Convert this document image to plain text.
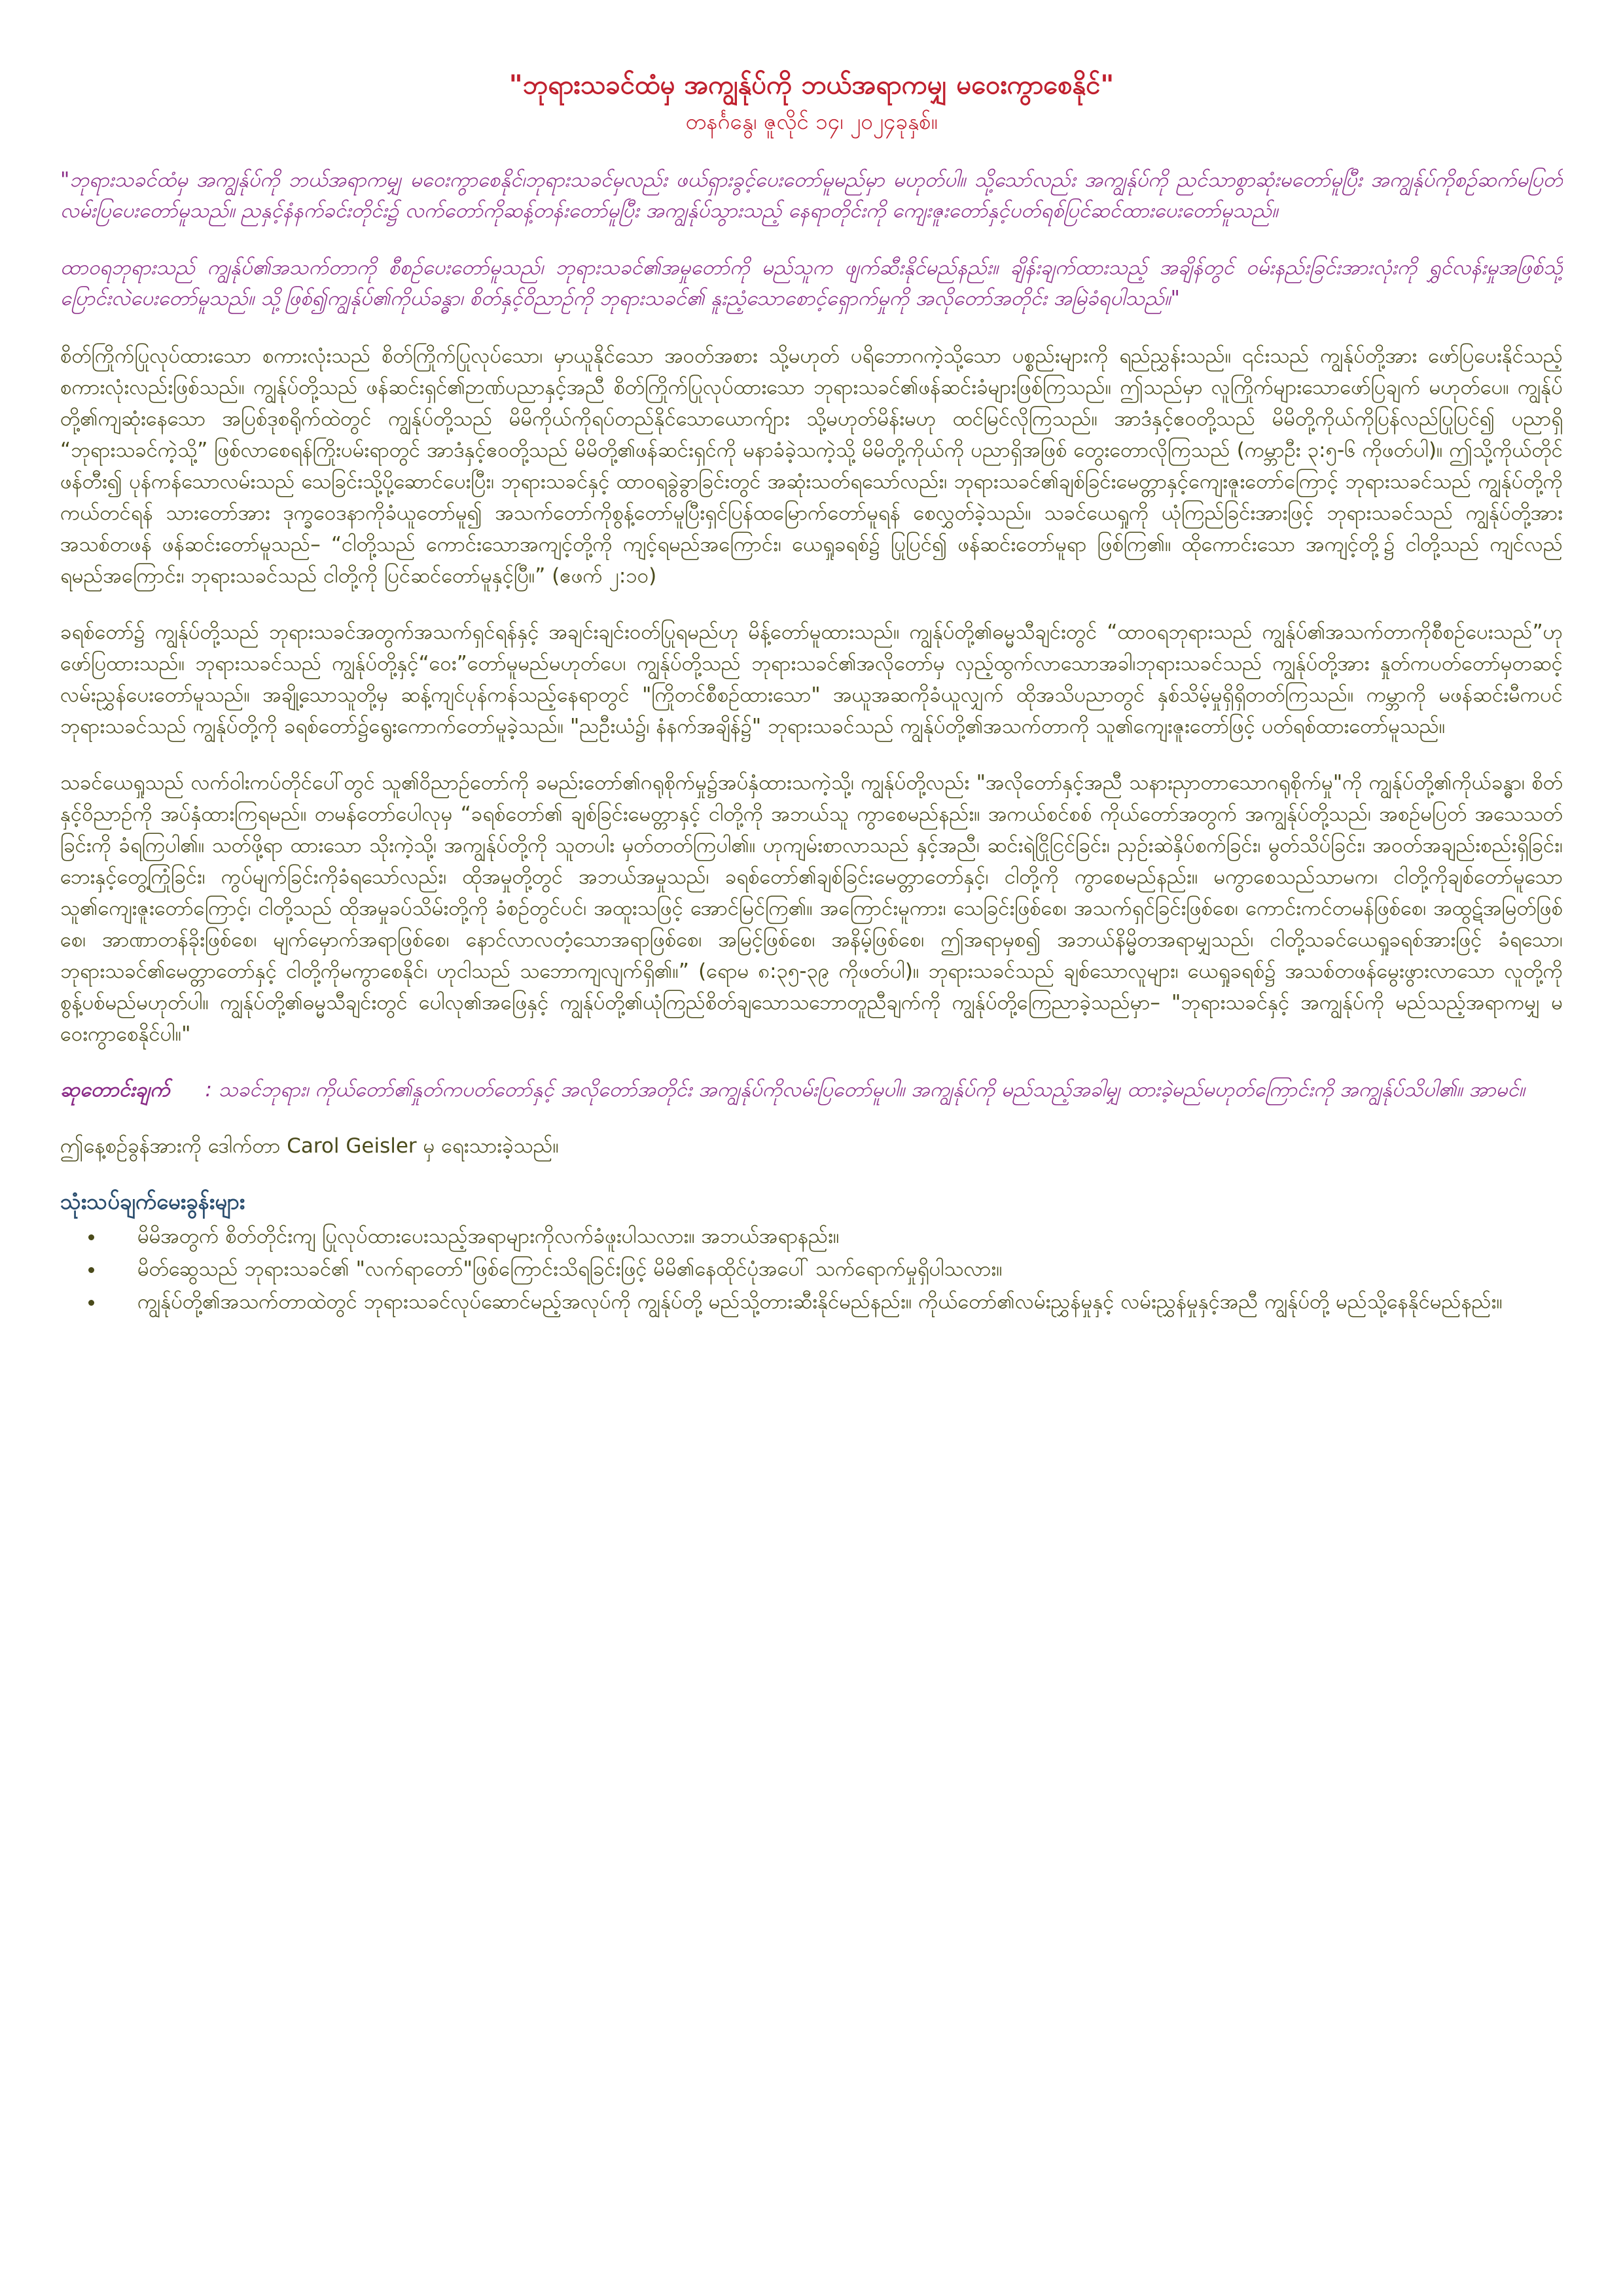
"ဘုရားသခင်ထံမှ အကျွန်ုပ်ကို ဘယ်အရာကမျှ မဝေးကွာစေနိုင်"

တနင်္ဂနွေ၊ ဇူလိုင် ၁၄၊ ၂၀၂၄ခုနှစ်။

"ဘုရားသခင်ထံမှ အကျွန်ုပ်ကို ဘယ်အရာကမျှ မဝေးကွာစေနိုင်၊ဘုရားသခင်မှလည်း ဖယ်ရှားခွင့်ပေးတော်မူမည်မှာ မဟုတ်ပါ။ သို့သော်လည်း အကျွန်ုပ်ကို ညင်သာစွာဆုံးမတော်မူပြီး အကျွန်ုပ်ကိုစဉ်ဆက်မပြတ် လမ်းပြပေးတော်မူသည်။ ညနှင့်နံနက်ခင်းတိုင်း၌ လက်တော်ကိုဆန့်တန်းတော်မူပြီး အကျွန်ုပ်သွားသည့် နေရာတိုင်းကို ကျေးဇူးတော်နှင့်ပတ်ရစ်ပြင်ဆင်ထားပေးတော်မူသည်။

ထာဝရဘုရားသည် ကျွန်ုပ်၏အသက်တာကို စီစဉ်ပေးတော်မူသည်၊ ဘုရားသခင်၏အမှုတော်ကို မည်သူက ဖျက်ဆီးနိုင်မည်နည်း။ ချိန်းချက်ထားသည့် အချိန်တွင် ဝမ်းနည်းခြင်းအားလုံးကို ရွှင်လန်းမှုအဖြစ်သို့ ပြောင်းလဲပေးတော်မူသည်။ သို့ဖြစ်၍ကျွန်ုပ်၏ကိုယ်ခန္ဓာ၊ စိတ်နှင့်ဝိညာဉ်ကို ဘုရားသခင်၏ နူးညံ့သောစောင့်ရှောက်မှုကို အလိုတော်အတိုင်း အမြဲခံရပါသည်။"

စိတ်ကြိုက်ပြုလုပ်ထားသော စကားလုံးသည် စိတ်ကြိုက်ပြုလုပ်သော၊ မှာယူနိုင်သော အဝတ်အစား သို့မဟုတ် ပရိဘောဂကဲ့သို့သော ပစ္စည်းများကို ရည်ညွှန်းသည်။ ၎င်းသည် ကျွန်ုပ်တို့အား ဖော်ပြပေးနိုင်သည့် စကားလုံးလည်းဖြစ်သည်။ ကျွန်ုပ်တို့သည် ဖန်ဆင်းရှင်၏ဉာဏ်ပညာနှင့်အညီ စိတ်ကြိုက်ပြုလုပ်ထားသော ဘုရားသခင်၏ဖန်ဆင်းခံများဖြစ်ကြသည်။ ဤသည်မှာ လူကြိုက်များသောဖော်ပြချက် မဟုတ်ပေ။ ကျွန်ုပ်တို့၏ကျဆုံးနေသော အပြစ်ဒုစရိုက်ထဲတွင် ကျွန်ုပ်တို့သည် မိမိကိုယ်ကိုရပ်တည်နိုင်သောယောက်ျား သို့မဟုတ်မိန်းမဟု ထင်မြင်လိုကြသည်။ အာဒံနှင့်ဧဝတို့သည် မိမိတို့ကိုယ်ကိုပြန်လည်ပြုပြင်၍ ပညာရှိ “ဘုရားသခင်ကဲ့သို့” ဖြစ်လာစေရန်ကြိုးပမ်းရာတွင် အာဒံနှင့်ဧဝတို့သည် မိမိတို့၏ဖန်ဆင်းရှင်ကို မနာခံခဲ့သကဲ့သို့ မိမိတို့ကိုယ်ကို ပညာရှိအဖြစ် တွေးတောလိုကြသည် (ကမ္ဘာဦး ၃:၅-၆ ကိုဖတ်ပါ)။ ဤသို့ကိုယ်တိုင်ဖန်တီး၍ ပုန်ကန်သောလမ်းသည် သေခြင်းသို့ပို့ဆောင်ပေးပြီး၊ ဘုရားသခင်နှင့် ထာဝရခွဲခွာခြင်းတွင် အဆုံးသတ်ရသော်လည်း၊ ဘုရားသခင်၏ချစ်ခြင်းမေတ္တာနှင့်ကျေးဇူးတော်ကြောင့် ဘုရားသခင်သည် ကျွန်ုပ်တို့ကိုကယ်တင်ရန် သားတော်အား ဒုက္ခဝေဒနာကိုခံယူတော်မူ၍ အသက်တော်ကိုစွန့်တော်မူပြီးရှင်ပြန်ထမြောက်တော်မူရန် စေလွှတ်ခဲ့သည်။ သခင်ယေရှုကို ယုံကြည်ခြင်းအားဖြင့် ဘုရားသခင်သည် ကျွန်ုပ်တို့အား အသစ်တဖန် ဖန်ဆင်းတော်မူသည်– “ငါတို့သည် ကောင်းသောအကျင့်တို့ကို ကျင့်ရမည်အကြောင်း၊ ယေရှုခရစ်၌ ပြုပြင်၍ ဖန်ဆင်းတော်မူရာ ဖြစ်ကြ၏။ ထိုကောင်းသော အကျင့်တို့၌ ငါတို့သည် ကျင်လည်ရမည်အကြောင်း၊ ဘုရားသခင်သည် ငါတို့ကို ပြင်ဆင်တော်မူနှင့်ပြီ။” (ဧဖက် ၂:၁၀)

ခရစ်တော်၌ ကျွန်ုပ်တို့သည် ဘုရားသခင်အတွက်အသက်ရှင်ရန်နှင့် အချင်းချင်းဝတ်ပြုရမည်ဟု မိန့်တော်မူထားသည်။ ကျွန်ုပ်တို့၏ဓမ္မသီချင်းတွင် “ထာဝရဘုရားသည် ကျွန်ုပ်၏အသက်တာကိုစီစဉ်ပေးသည်”ဟု ဖော်ပြထားသည်။ ဘုရားသခင်သည် ကျွန်ုပ်တို့နှင့်“ဝေး”တော်မူမည်မဟုတ်ပေ၊ ကျွန်ုပ်တို့သည် ဘုရားသခင်၏အလိုတော်မှ လှည့်ထွက်လာသောအခါ၊ဘုရားသခင်သည် ကျွန်ုပ်တို့အား နှုတ်ကပတ်တော်မှတဆင့်လမ်းညွှန်ပေးတော်မူသည်။ အချို့သောသူတို့မှ ဆန့်ကျင်ပုန်ကန်သည့်နေရာတွင် "ကြိုတင်စီစဉ်ထားသော" အယူအဆကိုခံယူလျှက် ထိုအသိပညာတွင် နှစ်သိမ့်မှုရှိရှိတတ်ကြသည်။ ကမ္ဘာကို မဖန်ဆင်းမီကပင်ဘုရားသခင်သည် ကျွန်ုပ်တို့ကို ခရစ်တော်၌ရွေးကောက်တော်မူခဲ့သည်။ "ညဦးယံ၌၊ နံနက်အချိန်၌" ဘုရားသခင်သည် ကျွန်ုပ်တို့၏အသက်တာကို သူ၏ကျေးဇူးတော်ဖြင့် ပတ်ရစ်ထားတော်မူသည်။

သခင်ယေရှုသည် လက်ဝါးကပ်တိုင်ပေါ်တွင် သူ၏ဝိညာဉ်တော်ကို ခမည်းတော်၏ဂရုစိုက်မှု၌အပ်နှံထားသကဲ့သို့၊ ကျွန်ုပ်တို့လည်း "အလိုတော်နှင့်အညီ သနားညှာတာသောဂရုစိုက်မှု"ကို ကျွန်ုပ်တို့၏ကိုယ်ခန္ဓာ၊ စိတ်နှင့်ဝိညာဉ်ကို အပ်နှံထားကြရမည်။ တမန်တော်ပေါလုမှ “ခရစ်တော်၏ ချစ်ခြင်းမေတ္တာနှင့် ငါတို့ကို အဘယ်သူ ကွာစေမည်နည်း။ အကယ်စင်စစ် ကိုယ်တော်အတွက် အကျွန်ုပ်တို့သည်၊ အစဉ်မပြတ် အသေသတ်ခြင်းကို ခံရကြပါ၏။ သတ်ဖို့ရာ ထားသော သိုးကဲ့သို့၊ အကျွန်ုပ်တို့ကို သူတပါး မှတ်တတ်ကြပါ၏။ ဟုကျမ်းစာလာသည် နှင့်အညီ၊ ဆင်းရဲငြိုငြင်ခြင်း၊ ညှဉ်းဆဲနှိပ်စက်ခြင်း၊ မွတ်သိပ်ခြင်း၊ အဝတ်အချည်းစည်းရှိခြင်း၊ ဘေးနှင့်တွေ့ကြုံခြင်း၊ ကွပ်မျက်ခြင်းကိုခံရသော်လည်း၊ ထိုအမှုတို့တွင် အဘယ်အမှုသည်၊ ခရစ်တော်၏ချစ်ခြင်းမေတ္တာတော်နှင့်၊ ငါတို့ကို ကွာစေမည်နည်း။ မကွာစေသည်သာမက၊ ငါတို့ကိုချစ်တော်မူသော သူ၏ကျေးဇူးတော်ကြောင့်၊ ငါတို့သည် ထိုအမှုခပ်သိမ်းတို့ကို ခံစဉ်တွင်ပင်၊ အထူးသဖြင့် အောင်မြင်ကြ၏။ အကြောင်းမူကား၊ သေခြင်းဖြစ်စေ၊ အသက်ရှင်ခြင်းဖြစ်စေ၊ ကောင်းကင်တမန်ဖြစ်စေ၊ အထွဋ်အမြတ်ဖြစ်စေ၊ အာဏာတန်ခိုးဖြစ်စေ၊ မျက်မှောက်အရာဖြစ်စေ၊ နောင်လာလတံ့သောအရာဖြစ်စေ၊ အမြင့်ဖြစ်စေ၊ အနိမ့်ဖြစ်စေ၊ ဤအရာမှစ၍ အဘယ်နိမ္မိတအရာမျှသည်၊ ငါတို့သခင်ယေရှုခရစ်အားဖြင့် ခံရသော၊ ဘုရားသခင်၏မေတ္တာတော်နှင့် ငါတို့ကိုမကွာစေနိုင်၊ ဟုငါသည် သဘောကျလျက်ရှိ၏။” (ရောမ ၈:၃၅-၃၉ ကိုဖတ်ပါ)။ ဘုရားသခင်သည် ချစ်သောလူများ၊ ယေရှုခရစ်၌ အသစ်တဖန်မွေးဖွားလာသော လူတို့ကို စွန့်ပစ်မည်မဟုတ်ပါ။ ကျွန်ုပ်တို့၏ဓမ္မသီချင်းတွင် ပေါလု၏အဖြေနှင့် ကျွန်ုပ်တို့၏ယုံကြည်စိတ်ချသောသဘောတူညီချက်ကို ကျွန်ုပ်တို့ကြေညာခဲ့သည်မှာ– "ဘုရားသခင်နှင့် အကျွန်ုပ်ကို မည်သည့်အရာကမျှ မဝေးကွာစေနိုင်ပါ။"

ဆုတောင်းချက် : သခင်ဘုရား၊ ကိုယ်တော်၏နှုတ်ကပတ်တော်နှင့် အလိုတော်အတိုင်း အကျွန်ုပ်ကိုလမ်းပြတော်မူပါ။ အကျွန်ုပ်ကို မည်သည့်အခါမျှ ထားခဲ့မည်မဟုတ်ကြောင်းကို အကျွန်ုပ်သိပါ၏။ အာမင်။

ဤနေ့စဉ်ခွန်အားကို ဒေါက်တာ Carol Geisler မှ ရေးသားခဲ့သည်။

သုံးသပ်ချက်မေးခွန်းများ
• မိမိအတွက် စိတ်တိုင်းကျ ပြုလုပ်ထားပေးသည့်အရာများကိုလက်ခံဖူးပါသလား။ အဘယ်အရာနည်း။
• မိတ်ဆွေသည် ဘုရားသခင်၏ "လက်ရာတော်"ဖြစ်ကြောင်းသိရခြင်းဖြင့် မိမိ၏နေထိုင်ပုံအပေါ် သက်ရောက်မှုရှိပါသလား။
• ကျွန်ုပ်တို့၏အသက်တာထဲတွင် ဘုရားသခင်လုပ်ဆောင်မည့်အလုပ်ကို ကျွန်ုပ်တို့ မည်သို့တားဆီးနိုင်မည်နည်း။ ကိုယ်တော်၏လမ်းညွှန်မှုနှင့် လမ်းညွှန်မှုနှင့်အညီ ကျွန်ုပ်တို့ မည်သို့နေနိုင်မည်နည်း။
